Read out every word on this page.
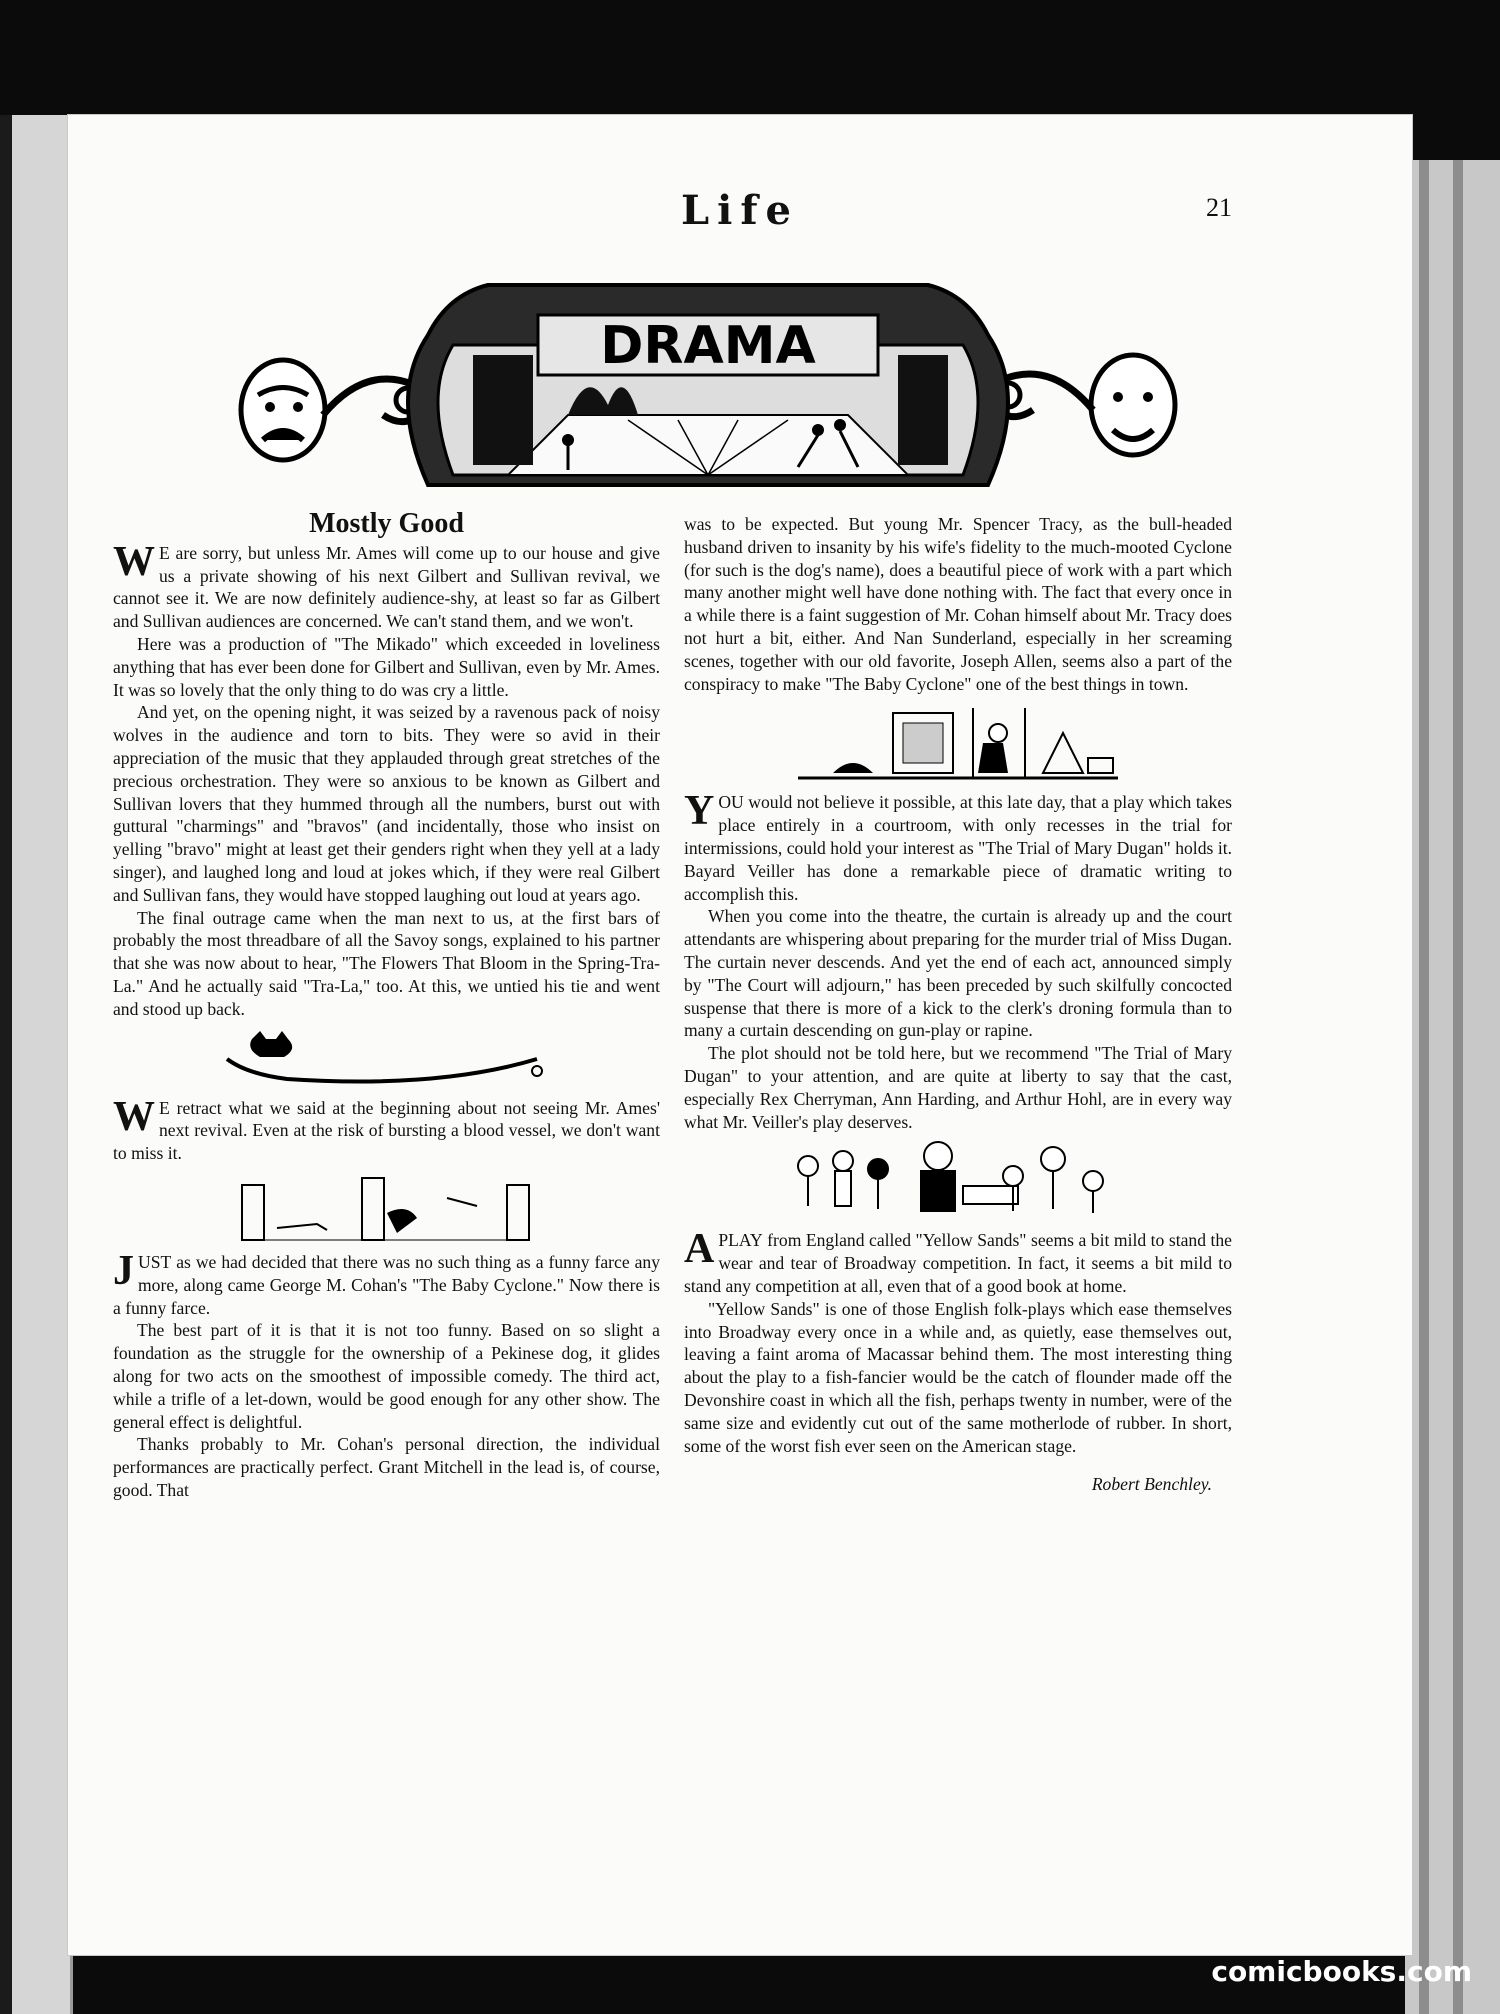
Life	21
DRAMA
Mostly Good

W E are sorry, but unless Mr. Ames will come up to our house and give us a private showing of his next Gilbert and Sullivan revival, we cannot see it. We are now definitely audience-shy, at least so far as Gilbert and Sullivan audiences are concerned. We can't stand them, and we won't.

Here was a production of "The Mikado" which exceeded in loveliness anything that has ever been done for Gilbert and Sullivan, even by Mr. Ames. It was so lovely that the only thing to do was cry a little.

And yet, on the opening night, it was seized by a ravenous pack of noisy wolves in the audience and torn to bits. They were so avid in their appreciation of the music that they applauded through great stretches of the precious orchestration. They were so anxious to be known as Gilbert and Sullivan lovers that they hummed through all the numbers, burst out with guttural "charmings" and "bravos" (and incidentally, those who insist on yelling "bravo" might at least get their genders right when they yell at a lady singer), and laughed long and loud at jokes which, if they were real Gilbert and Sullivan fans, they would have stopped laughing out loud at years ago.

The final outrage came when the man next to us, at the first bars of probably the most threadbare of all the Savoy songs, explained to his partner that she was now about to hear, "The Flowers That Bloom in the Spring-Tra-La." And he actually said "Tra-La," too. At this, we untied his tie and went and stood up back.

W E retract what we said at the beginning about not seeing Mr. Ames' next revival. Even at the risk of bursting a blood vessel, we don't want to miss it.

JUST as we had decided that there was no such thing as a funny farce any more, along came George M. Cohan's "The Baby Cyclone." Now there is a funny farce.

The best part of it is that it is not too funny. Based on so slight a foundation as the struggle for the ownership of a Pekinese dog, it glides along for two acts on the smoothest of impossible comedy. The third act, while a trifle of a let-down, would be good enough for any other show. The general effect is delightful.

Thanks probably to Mr. Cohan's personal direction, the individual performances are practically perfect. Grant Mitchell in the lead is, of course, good. That

was to be expected. But young Mr. Spencer Tracy, as the bull-headed husband driven to insanity by his wife's fidelity to the much-mooted Cyclone (for such is the dog's name), does a beautiful piece of work with a part which many another might well have done nothing with. The fact that every once in a while there is a faint suggestion of Mr. Cohan himself about Mr. Tracy does not hurt a bit, either. And Nan Sunderland, especially in her screaming scenes, together with our old favorite, Joseph Allen, seems also a part of the conspiracy to make "The Baby Cyclone" one of the best things in town.

YOU would not believe it possible, at this late day, that a play which takes place entirely in a courtroom, with only recesses in the trial for intermissions, could hold your interest as "The Trial of Mary Dugan" holds it. Bayard Veiller has done a remarkable piece of dramatic writing to accomplish this.

When you come into the theatre, the curtain is already up and the court attendants are whispering about preparing for the murder trial of Miss Dugan. The curtain never descends. And yet the end of each act, announced simply by "The Court will adjourn," has been preceded by such skilfully concocted suspense that there is more of a kick to the clerk's droning formula than to many a curtain descending on gun-play or rapine.

The plot should not be told here, but we recommend "The Trial of Mary Dugan" to your attention, and are quite at liberty to say that the cast, especially Rex Cherryman, Ann Harding, and Arthur Hohl, are in every way what Mr. Veiller's play deserves.

A PLAY from England called "Yellow Sands" seems a bit mild to stand the wear and tear of Broadway competition. In fact, it seems a bit mild to stand any competition at all, even that of a good book at home.

"Yellow Sands" is one of those English folk-plays which ease themselves into Broadway every once in a while and, as quietly, ease themselves out, leaving a faint aroma of Macassar behind them. The most interesting thing about the play to a fish-fancier would be the catch of flounder made off the Devonshire coast in which all the fish, perhaps twenty in number, were of the same size and evidently cut out of the same motherlode of rubber. In short, some of the worst fish ever seen on the American stage.

Robert Benchley.
comicbooks.com
